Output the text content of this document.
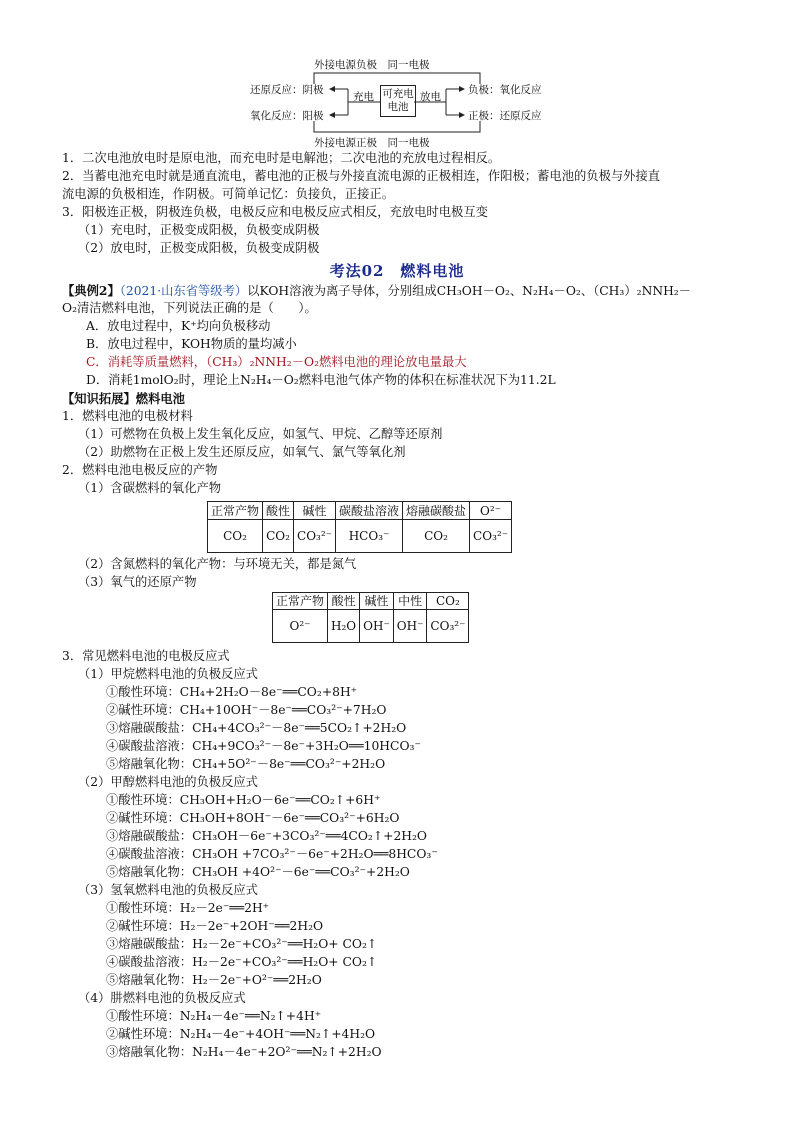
外接电源负极　同一电极
外接电源正极　同一电极
还原反应：阴极
氧化反应：阳极
充电 可充电
电池
放电
负极：氧化反应
正极：还原反应
1．二次电池放电时是原电池，而充电时是电解池；二次电池的充放电过程相反。
2．当蓄电池充电时就是通直流电，蓄电池的正极与外接直流电源的正极相连，作阳极；蓄电池的负极与外接直
流电源的负极相连，作阴极。可简单记忆：负接负，正接正。
3．阳极连正极，阴极连负极，电极反应和电极反应式相反，充放电时电极互变
（1）充电时，正极变成阳极，负极变成阴极
（2）放电时，正极变成阳极，负极变成阴极
考法02　燃料电池
【典例2】（2021·山东省等级考）以KOH溶液为离子导体，分别组成CH₃OH－O₂、N₂H₄－O₂、（CH₃）₂NNH₂－
O₂清洁燃料电池，下列说法正确的是（　　）。
A．放电过程中，K⁺均向负极移动
B．放电过程中，KOH物质的量均减小
C．消耗等质量燃料，（CH₃）₂NNH₂－O₂燃料电池的理论放电量最大
D．消耗1molO₂时，理论上N₂H₄－O₂燃料电池气体产物的体积在标准状况下为11.2L
【知识拓展】燃料电池
1．燃料电池的电极材料
（1）可燃物在负极上发生氧化反应，如氢气、甲烷、乙醇等还原剂
（2）助燃物在正极上发生还原反应，如氧气、氯气等氧化剂
2．燃料电池电极反应的产物
（1）含碳燃料的氧化产物
正常产物	酸性	碱性	碳酸盐溶液	熔融碳酸盐	O²⁻
CO₂	CO₂	CO₃²⁻	HCO₃⁻	CO₂	CO₃²⁻
（2）含氮燃料的氧化产物：与环境无关，都是氮气
（3）氧气的还原产物
正常产物	酸性	碱性	中性	CO₂
O²⁻	H₂O	OH⁻	OH⁻	CO₃²⁻
3．常见燃料电池的电极反应式
（1）甲烷燃料电池的负极反应式
①酸性环境：CH₄+2H₂O－8e⁻══CO₂+8H⁺
②碱性环境：CH₄+10OH⁻－8e⁻══CO₃²⁻+7H₂O
③熔融碳酸盐：CH₄+4CO₃²⁻－8e⁻══5CO₂↑+2H₂O
④碳酸盐溶液：CH₄+9CO₃²⁻－8e⁻+3H₂O══10HCO₃⁻
⑤熔融氧化物：CH₄+5O²⁻－8e⁻══CO₃²⁻+2H₂O
（2）甲醇燃料电池的负极反应式
①酸性环境：CH₃OH+H₂O－6e⁻══CO₂↑+6H⁺
②碱性环境：CH₃OH+8OH⁻－6e⁻══CO₃²⁻+6H₂O
③熔融碳酸盐：CH₃OH－6e⁻+3CO₃²⁻══4CO₂↑+2H₂O
④碳酸盐溶液：CH₃OH +7CO₃²⁻－6e⁻+2H₂O══8HCO₃⁻
⑤熔融氧化物：CH₃OH +4O²⁻－6e⁻══CO₃²⁻+2H₂O
（3）氢氧燃料电池的负极反应式
①酸性环境：H₂－2e⁻══2H⁺
②碱性环境：H₂－2e⁻+2OH⁻══2H₂O
③熔融碳酸盐：H₂－2e⁻+CO₃²⁻══H₂O+ CO₂↑
④碳酸盐溶液：H₂－2e⁻+CO₃²⁻══H₂O+ CO₂↑
⑤熔融氧化物：H₂－2e⁻+O²⁻══2H₂O
（4）肼燃料电池的负极反应式
①酸性环境：N₂H₄－4e⁻══N₂↑+4H⁺
②碱性环境：N₂H₄－4e⁻+4OH⁻══N₂↑+4H₂O
③熔融氧化物：N₂H₄－4e⁻+2O²⁻══N₂↑+2H₂O
